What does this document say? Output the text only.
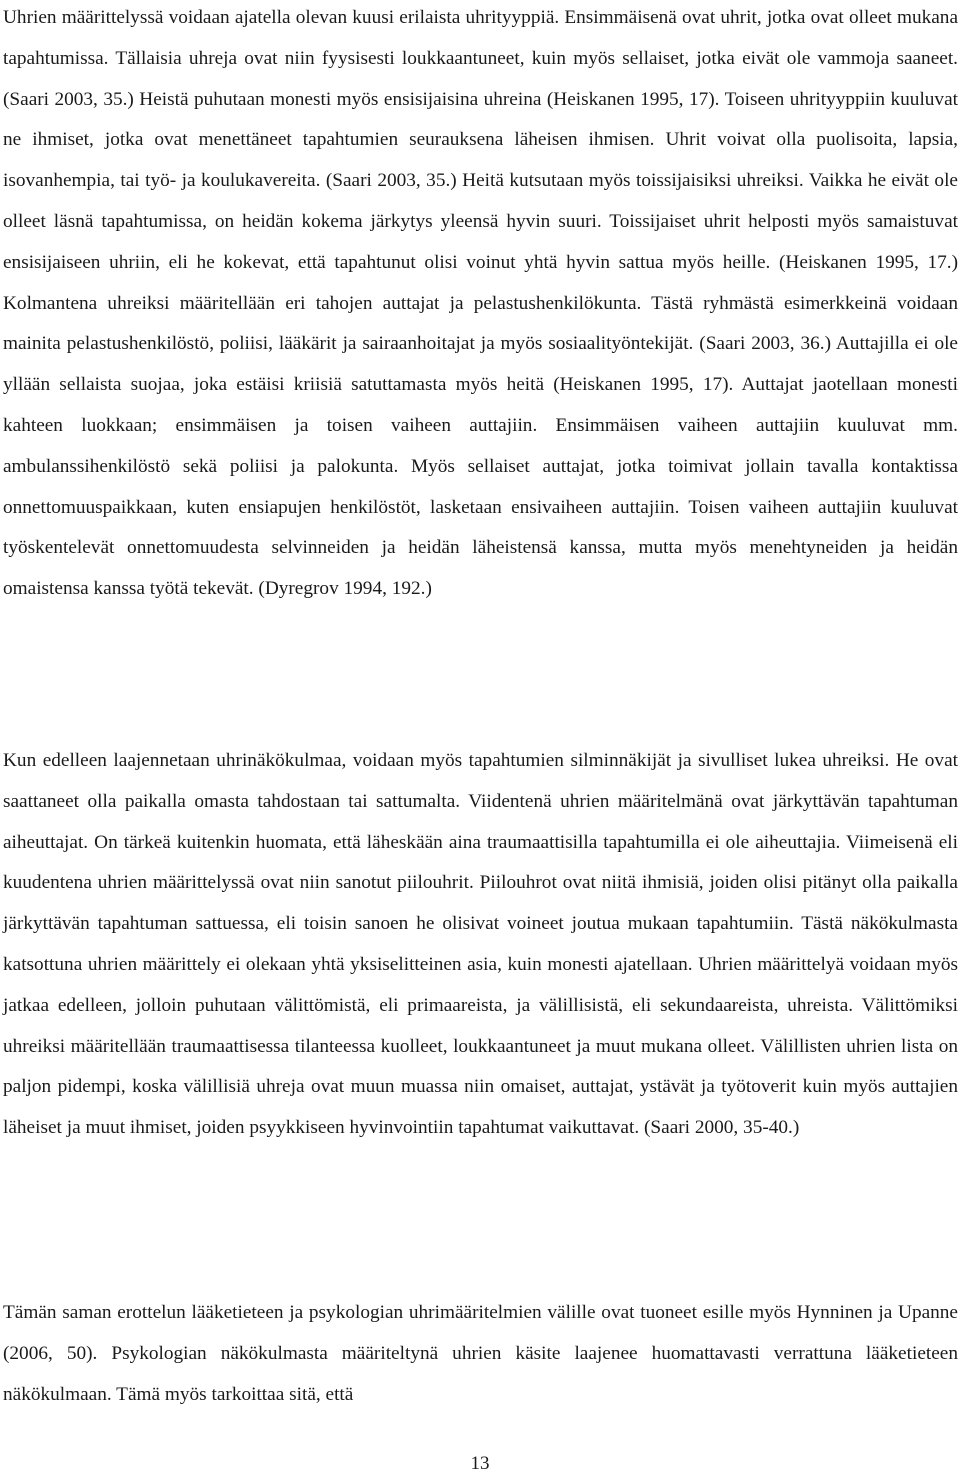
Uhrien määrittelyssä voidaan ajatella olevan kuusi erilaista uhrityyppiä. Ensimmäisenä ovat uhrit, jotka ovat olleet mukana tapahtumissa. Tällaisia uhreja ovat niin fyysisesti loukkaantuneet, kuin myös sellaiset, jotka eivät ole vammoja saaneet. (Saari 2003, 35.) Heistä puhutaan monesti myös ensisijaisina uhreina (Heiskanen 1995, 17). Toiseen uhrityyppiin kuuluvat ne ihmiset, jotka ovat menettäneet tapahtumien seurauksena läheisen ihmisen. Uhrit voivat olla puolisoita, lapsia, isovanhempia, tai työ- ja koulukavereita. (Saari 2003, 35.) Heitä kutsutaan myös toissijaisiksi uhreiksi. Vaikka he eivät ole olleet läsnä tapahtumissa, on heidän kokema järkytys yleensä hyvin suuri. Toissijaiset uhrit helposti myös samaistuvat ensisijaiseen uhriin, eli he kokevat, että tapahtunut olisi voinut yhtä hyvin sattua myös heille. (Heiskanen 1995, 17.) Kolmantena uhreiksi määritellään eri tahojen auttajat ja pelastushenkilökunta. Tästä ryhmästä esimerkkeinä voidaan mainita pelastushenkilöstö, poliisi, lääkärit ja sairaanhoitajat ja myös sosiaalityöntekijät. (Saari 2003, 36.) Auttajilla ei ole yllään sellaista suojaa, joka estäisi kriisiä satuttamasta myös heitä (Heiskanen 1995, 17). Auttajat jaotellaan monesti kahteen luokkaan; ensimmäisen ja toisen vaiheen auttajiin. Ensimmäisen vaiheen auttajiin kuuluvat mm. ambulanssihenkilöstö sekä poliisi ja palokunta. Myös sellaiset auttajat, jotka toimivat jollain tavalla kontaktissa onnettomuuspaikkaan, kuten ensiapujen henkilöstöt, lasketaan ensivaiheen auttajiin. Toisen vaiheen auttajiin kuuluvat työskentelevät onnettomuudesta selvinneiden ja heidän läheistensä kanssa, mutta myös menehtyneiden ja heidän omaistensa kanssa työtä tekevät. (Dyregrov 1994, 192.)

Kun edelleen laajennetaan uhrinäkökulmaa, voidaan myös tapahtumien silminnäkijät ja sivulliset lukea uhreiksi. He ovat saattaneet olla paikalla omasta tahdostaan tai sattumalta. Viidentenä uhrien määritelmänä ovat järkyttävän tapahtuman aiheuttajat. On tärkeä kuitenkin huomata, että läheskään aina traumaattisilla tapahtumilla ei ole aiheuttajia. Viimeisenä eli kuudentena uhrien määrittelyssä ovat niin sanotut piilouhrit. Piilouhrot ovat niitä ihmisiä, joiden olisi pitänyt olla paikalla järkyttävän tapahtuman sattuessa, eli toisin sanoen he olisivat voineet joutua mukaan tapahtumiin. Tästä näkökulmasta katsottuna uhrien määrittely ei olekaan yhtä yksiselitteinen asia, kuin monesti ajatellaan. Uhrien määrittelyä voidaan myös jatkaa edelleen, jolloin puhutaan välittömistä, eli primaareista, ja välillisistä, eli sekundaareista, uhreista. Välittömiksi uhreiksi määritellään traumaattisessa tilanteessa kuolleet, loukkaantuneet ja muut mukana olleet. Välillisten uhrien lista on paljon pidempi, koska välillisiä uhreja ovat muun muassa niin omaiset, auttajat, ystävät ja työtoverit kuin myös auttajien läheiset ja muut ihmiset, joiden psyykkiseen hyvinvointiin tapahtumat vaikuttavat. (Saari 2000, 35-40.)

Tämän saman erottelun lääketieteen ja psykologian uhrimääritelmien välille ovat tuoneet esille myös Hynninen ja Upanne (2006, 50). Psykologian näkökulmasta määriteltynä uhrien käsite laajenee huomattavasti verrattuna lääketieteen näkökulmaan. Tämä myös tarkoittaa sitä, että

13
